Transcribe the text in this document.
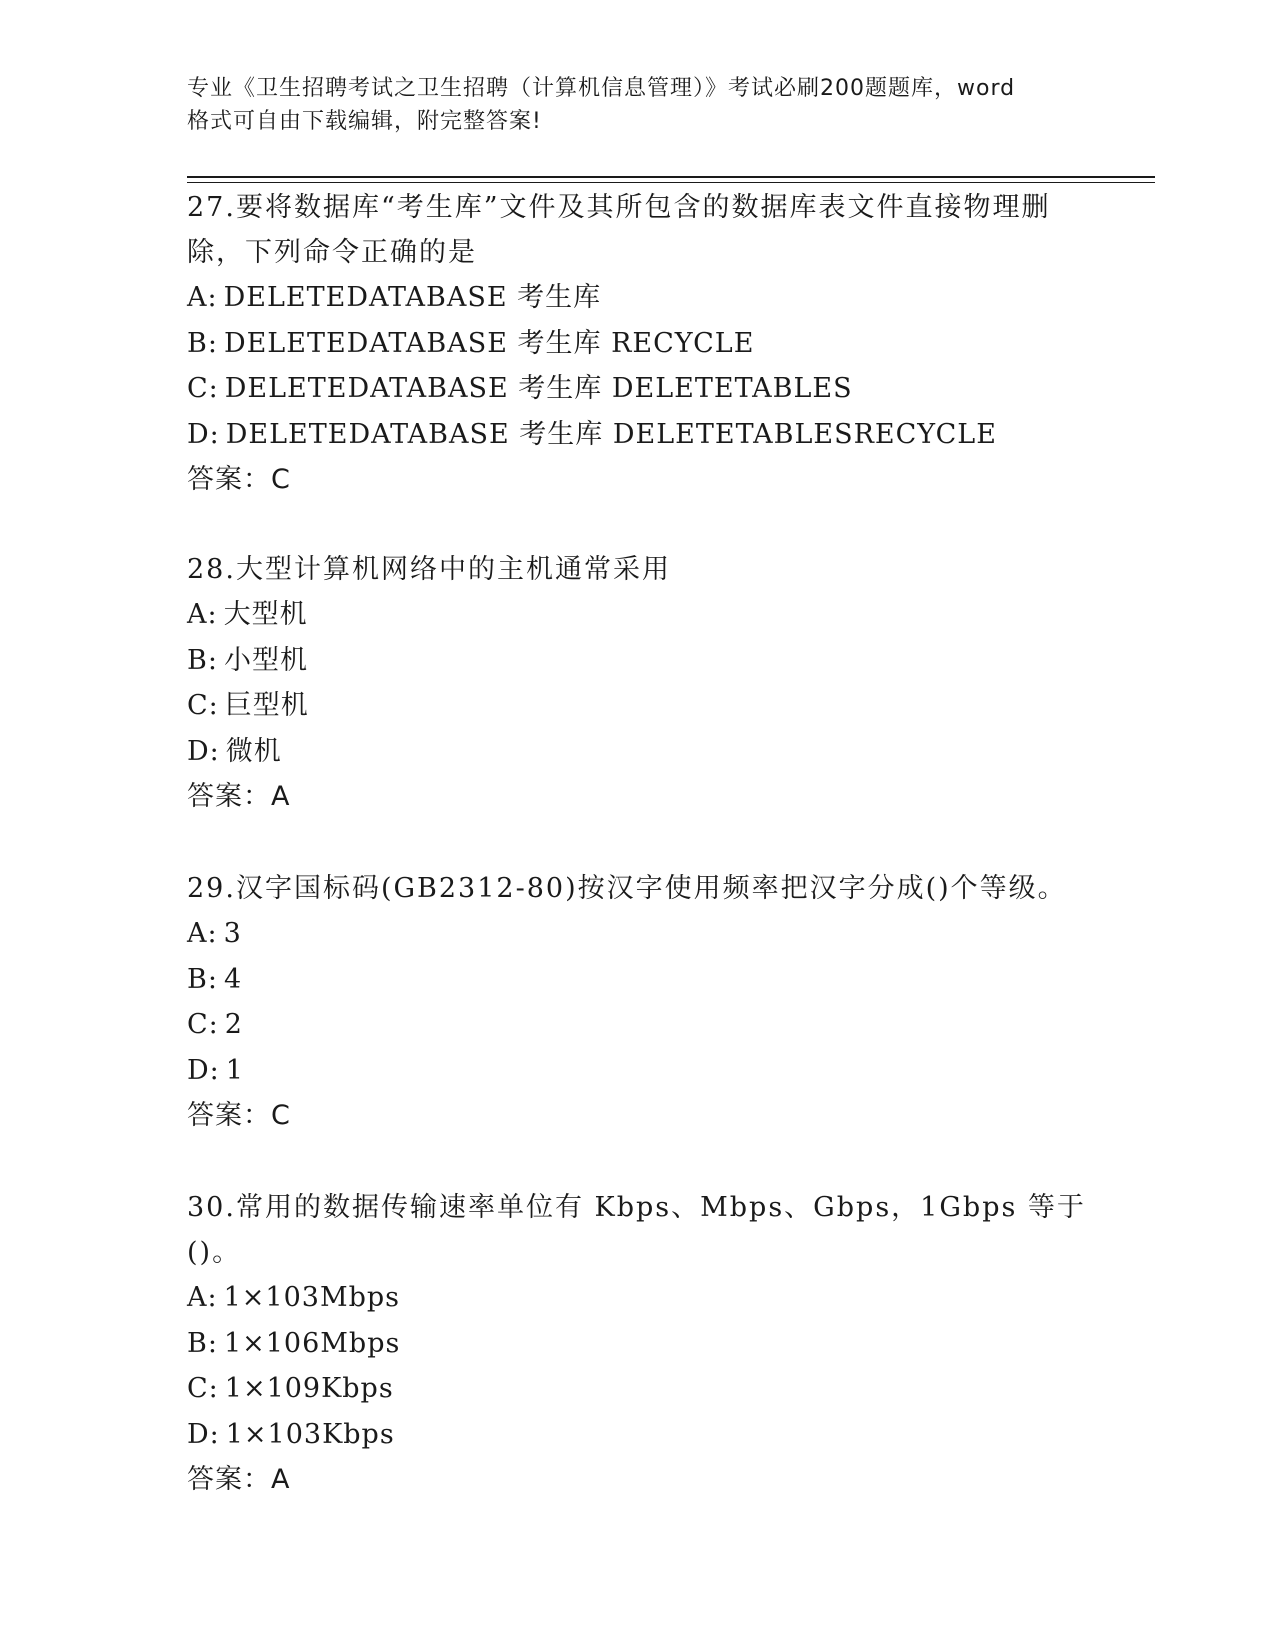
专业《卫生招聘考试之卫生招聘（计算机信息管理）》考试必刷200题题库，word
格式可自由下载编辑，附完整答案!

27.要将数据库“考生库”文件及其所包含的数据库表文件直接物理删除，下列命令正确的是

A: DELETEDATABASE 考生库
B: DELETEDATABASE 考生库 RECYCLE
C: DELETEDATABASE 考生库 DELETETABLES
D: DELETEDATABASE 考生库 DELETETABLESRECYCLE
答案：C

28.大型计算机网络中的主机通常采用

A: 大型机
B: 小型机
C: 巨型机
D: 微机
答案：A

29.汉字国标码(GB2312-80)按汉字使用频率把汉字分成()个等级。

A: 3
B: 4
C: 2
D: 1
答案：C

30.常用的数据传输速率单位有 Kbps、Mbps、Gbps，1Gbps 等于()。

A: 1×103Mbps
B: 1×106Mbps
C: 1×109Kbps
D: 1×103Kbps
答案：A
